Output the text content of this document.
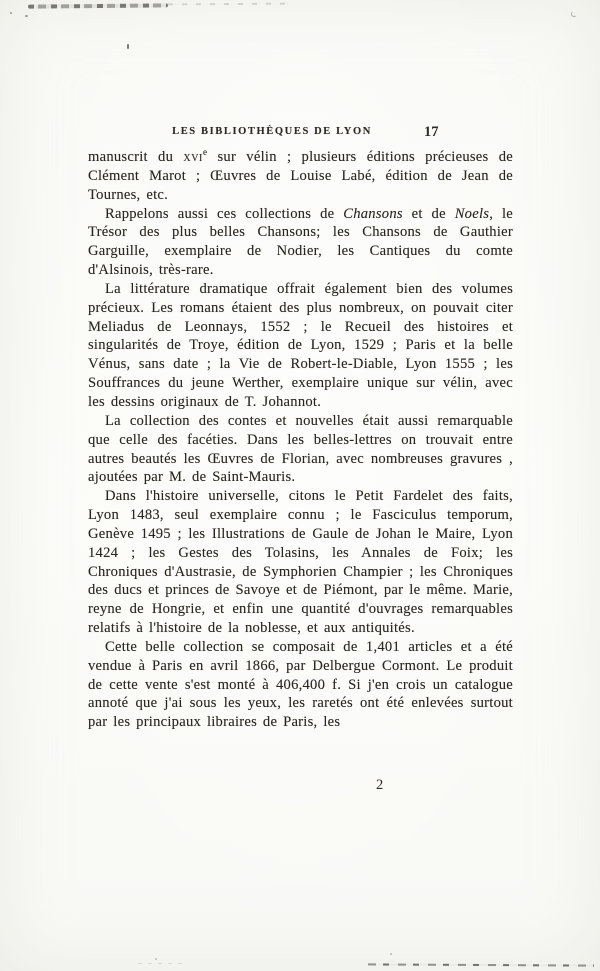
LES BIBLIOTHÈQUES DE LYON	17

manuscrit du xvi$^e$ sur vélin ; plusieurs éditions précieuses de Clément Marot ; Œuvres de Louise Labé, édition de Jean de Tournes, etc.

Rappelons aussi ces collections de Chansons et de Noels, le Trésor des plus belles Chansons; les Chansons de Gauthier Garguille, exemplaire de Nodier, les Cantiques du comte d'Alsinois, très-rare.

La littérature dramatique offrait également bien des volumes précieux. Les romans étaient des plus nombreux, on pouvait citer Meliadus de Leonnays, 1552 ; le Recueil des histoires et singularités de Troye, édition de Lyon, 1529 ; Paris et la belle Vénus, sans date ; la Vie de Robert-le-Diable, Lyon 1555 ; les Souffrances du jeune Werther, exemplaire unique sur vélin, avec les dessins originaux de T. Johannot.

La collection des contes et nouvelles était aussi remarquable que celle des facéties. Dans les belles-lettres on trouvait entre autres beautés les Œuvres de Florian, avec nombreuses gravures , ajoutées par M. de Saint-Mauris.

Dans l'histoire universelle, citons le Petit Fardelet des faits, Lyon 1483, seul exemplaire connu ; le Fasciculus temporum, Genève 1495 ; les Illustrations de Gaule de Johan le Maire, Lyon 1424 ; les Gestes des Tolasins, les Annales de Foix; les Chroniques d'Austrasie, de Symphorien Champier ; les Chroniques des ducs et princes de Savoye et de Piémont, par le même. Marie, reyne de Hongrie, et enfin une quantité d'ouvrages remarquables relatifs à l'histoire de la noblesse, et aux antiquités.

Cette belle collection se composait de 1,401 articles et a été vendue à Paris en avril 1866, par Delbergue Cormont. Le produit de cette vente s'est monté à 406,400 f. Si j'en crois un catalogue annoté que j'ai sous les yeux, les raretés ont été enlevées surtout par les principaux libraires de Paris, les

2
